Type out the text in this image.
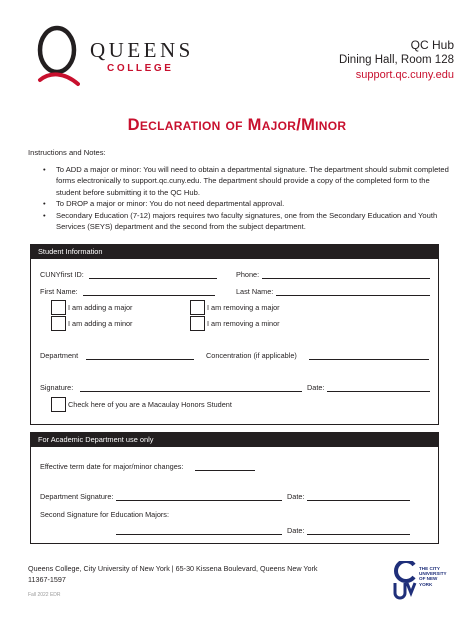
QUEENS
COLLEGE
QC Hub
Dining Hall, Room 128
support.qc.cuny.edu
Declaration of Major/Minor
Instructions and Notes:
• To ADD a major or minor: You will need to obtain a departmental signature. The department should submit completed forms electronically to support.qc.cuny.edu. The department should provide a copy of the completed form to the student before submitting it to the QC Hub.
• To DROP a major or minor: You do not need departmental approval.
• Secondary Education (7-12) majors requires two faculty signatures, one from the Secondary Education and Youth Services (SEYS) department and the second from the subject department.
Student Information
CUNYfirst ID:	Phone:
First Name:	Last Name:
I am adding a major	I am removing a major
I am adding a minor	I am removing a minor
Department	Concentration (if applicable)
Signature:	Date:
Check here of you are a Macaulay Honors Student
For Academic Department use only
Effective term date for major/minor changes:
Department Signature:	Date:
Second Signature for Education Majors:
Date:
Queens College, City University of New York | 65-30 Kissena Boulevard, Queens New York
11367-1597
Fall 2022 EDR
THE CITY UNIVERSITY OF NEW YORK
